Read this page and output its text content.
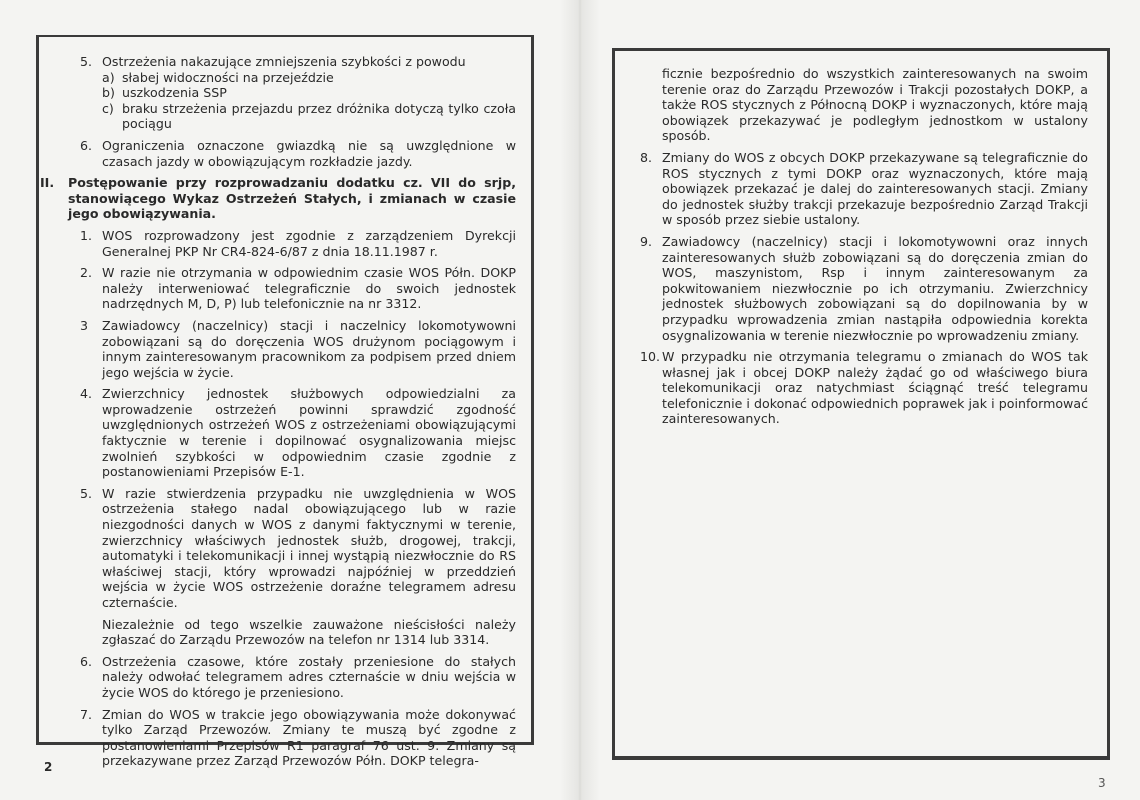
5. Ostrzeżenia nakazujące zmniejszenia szybkości z powodu
a) słabej widoczności na przejeździe
b) uszkodzenia SSP
c) braku strzeżenia przejazdu przez dróżnika dotyczą tylko czoła pociągu
6. Ograniczenia oznaczone gwiazdką nie są uwzględnione w czasach jazdy w obowiązującym rozkładzie jazdy.
II.	Postępowanie przy rozprowadzaniu dodatku cz. VII do srjp, stanowiącego Wykaz Ostrzeżeń Stałych, i zmianach w czasie jego obowiązywania.
1. WOS rozprowadzony jest zgodnie z zarządzeniem Dyrekcji Generalnej PKP Nr CR4-824-6/87 z dnia 18.11.1987 r.
2. W razie nie otrzymania w odpowiednim czasie WOS Półn. DOKP należy interweniować telegraficznie do swoich jednostek nadrzędnych M, D, P) lub telefonicznie na nr 3312.
3	Zawiadowcy (naczelnicy) stacji i naczelnicy lokomotywowni zobowiązani są do doręczenia WOS drużynom pociągowym i innym zainteresowanym pracownikom za podpisem przed dniem jego wejścia w życie.
4. Zwierzchnicy jednostek służbowych odpowiedzialni za wprowadzenie ostrzeżeń powinni sprawdzić zgodność uwzględnionych ostrzeżeń WOS z ostrzeżeniami obowiązującymi faktycznie w terenie i dopilnować osygnalizowania miejsc zwolnień szybkości w odpowiednim czasie zgodnie z postanowieniami Przepisów E-1.
5. W razie stwierdzenia przypadku nie uwzględnienia w WOS ostrzeżenia stałego nadal obowiązującego lub w razie niezgodności danych w WOS z danymi faktycznymi w terenie, zwierzchnicy właściwych jednostek służb, drogowej, trakcji, automatyki i telekomunikacji i innej wystąpią niezwłocznie do RS właściwej stacji, który wprowadzi najpóźniej w przeddzień wejścia w życie WOS ostrzeżenie doraźne telegramem adresu czternaście.
Niezależnie od tego wszelkie zauważone nieścisłości należy zgłaszać do Zarządu Przewozów na telefon nr 1314 lub 3314.
6. Ostrzeżenia czasowe, które zostały przeniesione do stałych należy odwołać telegramem adres czternaście w dniu wejścia w życie WOS do którego je przeniesiono.
7. Zmian do WOS w trakcie jego obowiązywania może dokonywać tylko Zarząd Przewozów. Zmiany te muszą być zgodne z postanowieniami Przepisów R1 paragraf 76 ust. 9. Zmiany są przekazywane przez Zarząd Przewozów Półn. DOKP telegra-
2
ficznie bezpośrednio do wszystkich zainteresowanych na swoim terenie oraz do Zarządu Przewozów i Trakcji pozostałych DOKP, a także ROS stycznych z Północną DOKP i wyznaczonych, które mają obowiązek przekazywać je podległym jednostkom w ustalony sposób.
8. Zmiany do WOS z obcych DOKP przekazywane są telegraficznie do ROS stycznych z tymi DOKP oraz wyznaczonych, które mają obowiązek przekazać je dalej do zainteresowanych stacji. Zmiany do jednostek służby trakcji przekazuje bezpośrednio Zarząd Trakcji w sposób przez siebie ustalony.
9. Zawiadowcy (naczelnicy) stacji i lokomotywowni oraz innych zainteresowanych służb zobowiązani są do doręczenia zmian do WOS, maszynistom, Rsp i innym zainteresowanym za pokwitowaniem niezwłocznie po ich otrzymaniu. Zwierzchnicy jednostek służbowych zobowiązani są do dopilnowania by w przypadku wprowadzenia zmian nastąpiła odpowiednia korekta osygnalizowania w terenie niezwłocznie po wprowadzeniu zmiany.
10. W przypadku nie otrzymania telegramu o zmianach do WOS tak własnej jak i obcej DOKP należy żądać go od właściwego biura telekomunikacji oraz natychmiast ściągnąć treść telegramu telefonicznie i dokonać odpowiednich poprawek jak i poinformować zainteresowanych.
3
